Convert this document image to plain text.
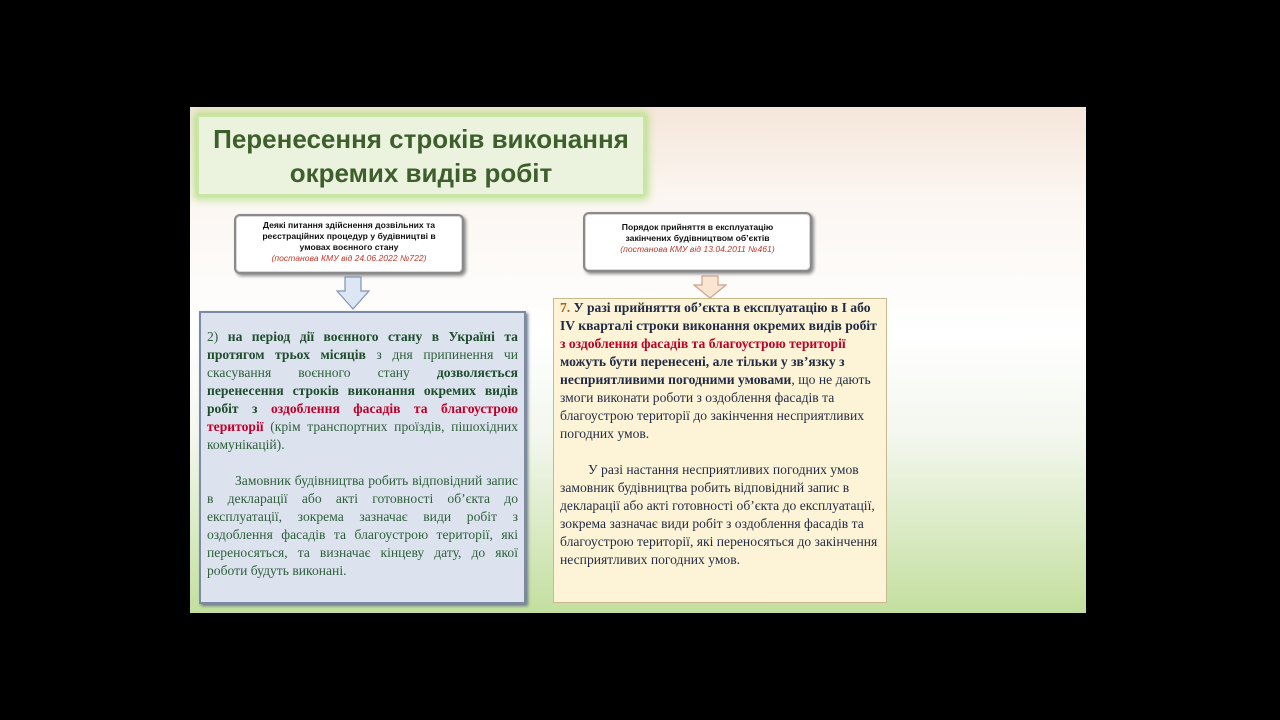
Перенесення строків виконання
окремих видів робіт
Деякі питання здійснення дозвільних та
реєстраційних процедур у будівництві в
умовах воєнного стану
(постанова КМУ від 24.06.2022 №722)
Порядок прийняття в експлуатацію
закінчених будівництвом об’єктів
(постанова КМУ від 13.04.2011 №461)

2) на період дії воєнного стану в Україні та протягом трьох місяців з дня припинення чи скасування воєнного стану дозволяється перенесення строків виконання окремих видів робіт з оздоблення фасадів та благоустрою території (крім транспортних проїздів, пішохідних комунікацій).

Замовник будівництва робить відповідний запис в декларації або акті готовності об’єкта до експлуатації, зокрема зазначає види робіт з оздоблення фасадів та благоустрою території, які переносяться, та визначає кінцеву дату, до якої роботи будуть виконані.

7. У разі прийняття об’єкта в експлуатацію в I або IV кварталі строки виконання окремих видів робіт з оздоблення фасадів та благоустрою території можуть бути перенесені, але тільки у зв’язку з несприятливими погодними умовами, що не дають змоги виконати роботи з оздоблення фасадів та благоустрою території до закінчення несприятливих погодних умов.

У разі настання несприятливих погодних умов замовник будівництва робить відповідний запис в декларації або акті готовності об’єкта до експлуатації, зокрема зазначає види робіт з оздоблення фасадів та благоустрою території, які переносяться до закінчення несприятливих погодних умов.
